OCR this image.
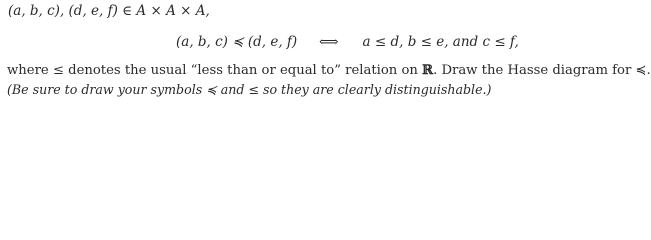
(a, b, c), (d, e, f) ∈ A × A × A,
(a, b, c) ≼ (d, e, f) ⟺ a ≤ d, b ≤ e, and c ≤ f,
where ≤ denotes the usual “less than or equal to” relation on ℝ. Draw the Hasse diagram for ≼.
(Be sure to draw your symbols ≼ and ≤ so they are clearly distinguishable.)
